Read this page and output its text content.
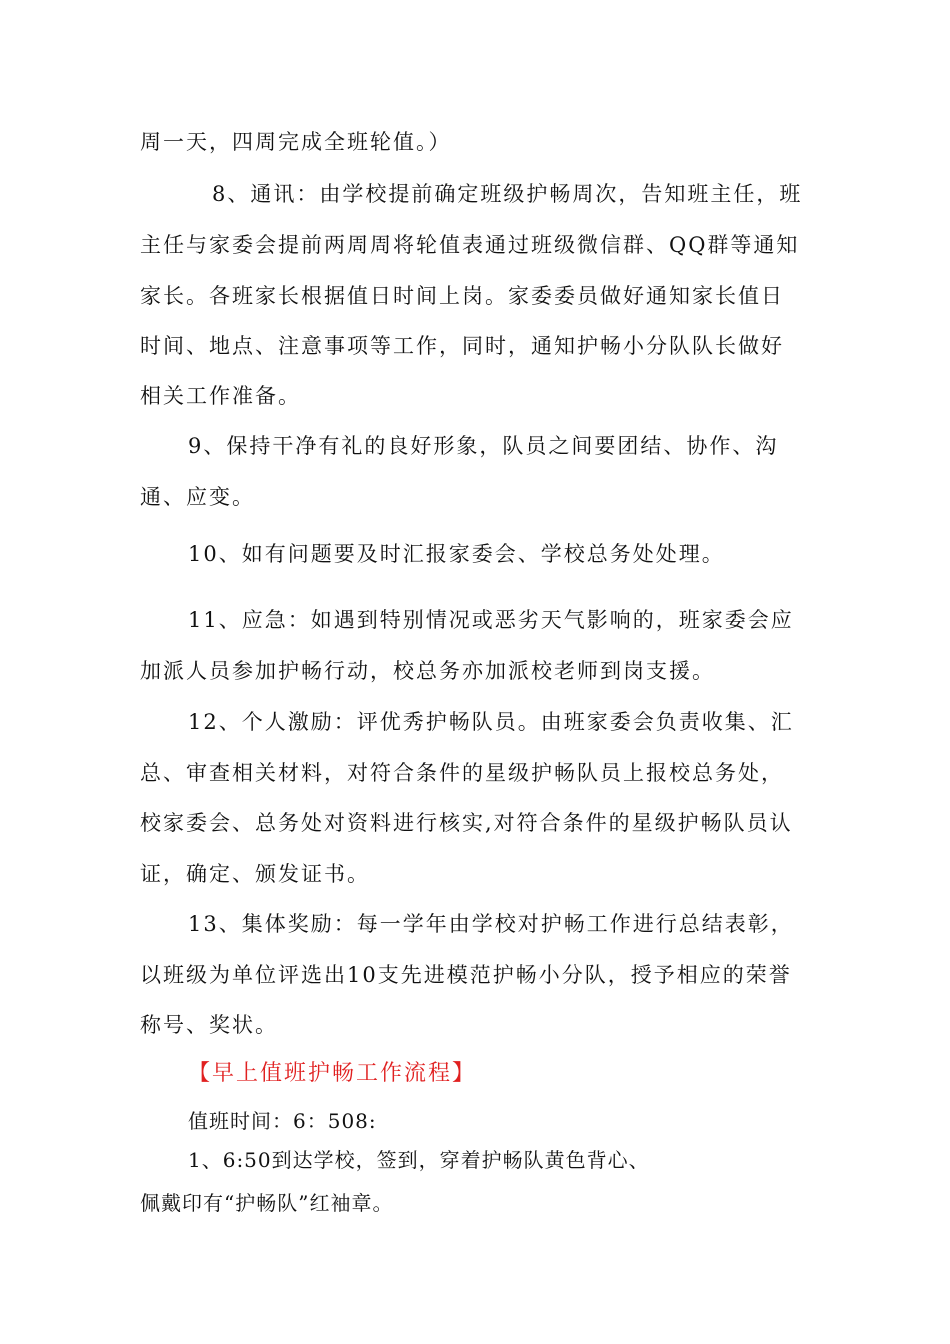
周一天，四周完成全班轮值。）
8、通讯：由学校提前确定班级护畅周次，告知班主任，班
主任与家委会提前两周周将轮值表通过班级微信群、QQ群等通知
家长。各班家长根据值日时间上岗。家委委员做好通知家长值日
时间、地点、注意事项等工作，同时，通知护畅小分队队长做好
相关工作准备。
9、保持干净有礼的良好形象，队员之间要团结、协作、沟
通、应变。
10、如有问题要及时汇报家委会、学校总务处处理。
11、应急：如遇到特别情况或恶劣天气影响的，班家委会应
加派人员参加护畅行动，校总务亦加派校老师到岗支援。
12、个人激励：评优秀护畅队员。由班家委会负责收集、汇
总、审查相关材料，对符合条件的星级护畅队员上报校总务处，
校家委会、总务处对资料进行核实,对符合条件的星级护畅队员认
证，确定、颁发证书。
13、集体奖励：每一学年由学校对护畅工作进行总结表彰，
以班级为单位评选出10支先进模范护畅小分队，授予相应的荣誉
称号、奖状。
【早上值班护畅工作流程】
值班时间：6：508:
1、6:50到达学校，签到，穿着护畅队黄色背心、
佩戴印有“护畅队”红袖章。
